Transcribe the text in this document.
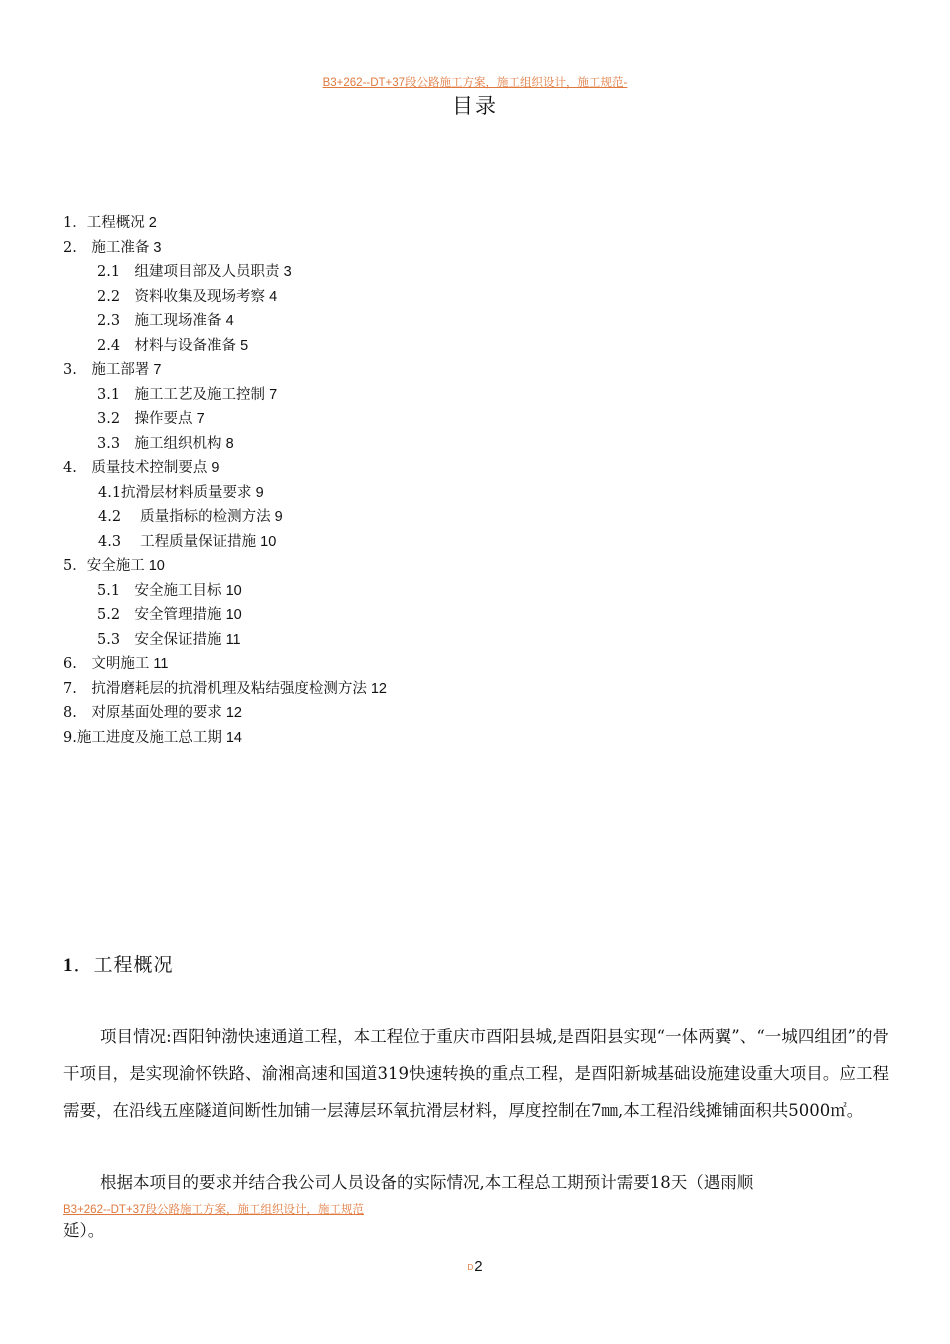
B3+262--DT+37段公路施工方案，施工组织设计，施工规范-
目录
1．工程概况 2
2.　施工准备 3
2.1　组建项目部及人员职责 3
2.2　资料收集及现场考察 4
2.3　施工现场准备 4
2.4　材料与设备准备 5
3.　施工部署 7
3.1　施工工艺及施工控制 7
3.2　操作要点 7
3.3　施工组织机构 8
4.　质量技术控制要点 9
4.1抗滑层材料质量要求 9
4.2　 质量指标的检测方法 9
4.3　 工程质量保证措施 10
5．安全施工 10
5.1　安全施工目标 10
5.2　安全管理措施 10
5.3　安全保证措施 11
6.　文明施工 11
7.　抗滑磨耗层的抗滑机理及粘结强度检测方法 12
8.　对原基面处理的要求 12
9.施工进度及施工总工期 14
1．工程概况
项目情况:酉阳钟渤快速通道工程，本工程位于重庆市酉阳县城,是酉阳县实现“一体两翼”、“一城四组团”的骨干项目，是实现渝怀铁路、渝湘高速和国道319快速转换的重点工程，是酉阳新城基础设施建设重大项目。应工程需要，在沿线五座隧道间断性加铺一层薄层环氧抗滑层材料，厚度控制在7㎜,本工程沿线摊铺面积共5000㎡。
根据本项目的要求并结合我公司人员设备的实际情况,本工程总工期预计需要18天（遇雨顺
B3+262--DT+37段公路施工方案，施工组织设计，施工规范
延）。
D2
